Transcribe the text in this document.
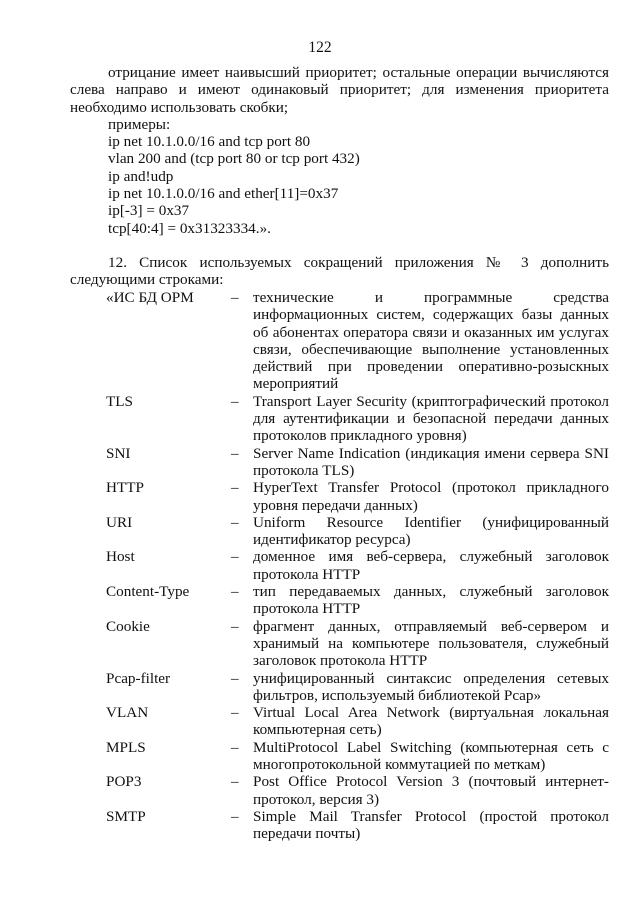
122

отрицание имеет наивысший приоритет; остальные операции вычисляются слева направо и имеют одинаковый приоритет; для изменения приоритета необходимо использовать скобки;

примеры:
ip net 10.1.0.0/16 and tcp port 80
vlan 200 and (tcp port 80 or tcp port 432)
ip and!udp
ip net 10.1.0.0/16 and ether[11]=0x37
ip[-3] = 0x37
tcp[40:4] = 0x31323334.».

12. Список используемых сокращений приложения № 3 дополнить следующими строками:

«ИС БД ОРМ	– технические и программные средства информационных систем, содержащих базы данных об абонентах оператора связи и оказанных им услугах связи, обеспечивающие выполнение установленных действий при проведении оперативно-розыскных мероприятий
TLS	– Transport Layer Security (криптографический протокол для аутентификации и безопасной передачи данных протоколов прикладного уровня)
SNI	– Server Name Indication (индикация имени сервера SNI протокола TLS)
HTTP	– HyperText Transfer Protocol (протокол прикладного уровня передачи данных)
URI	– Uniform Resource Identifier (унифицированный идентификатор ресурса)
Host	– доменное имя веб-сервера, служебный заголовок протокола HTTP
Content-Type	– тип передаваемых данных, служебный заголовок протокола HTTP
Cookie	– фрагмент данных, отправляемый веб-сервером и хранимый на компьютере пользователя, служебный заголовок протокола HTTP
Pcap-filter	– унифицированный синтаксис определения сетевых фильтров, используемый библиотекой Pcap»
VLAN	– Virtual Local Area Network (виртуальная локальная компьютерная сеть)
MPLS	– MultiProtocol Label Switching (компьютерная сеть с многопротокольной коммутацией по меткам)
POP3	– Post Office Protocol Version 3 (почтовый интернет-протокол, версия 3)
SMTP	– Simple Mail Transfer Protocol (простой протокол передачи почты)
